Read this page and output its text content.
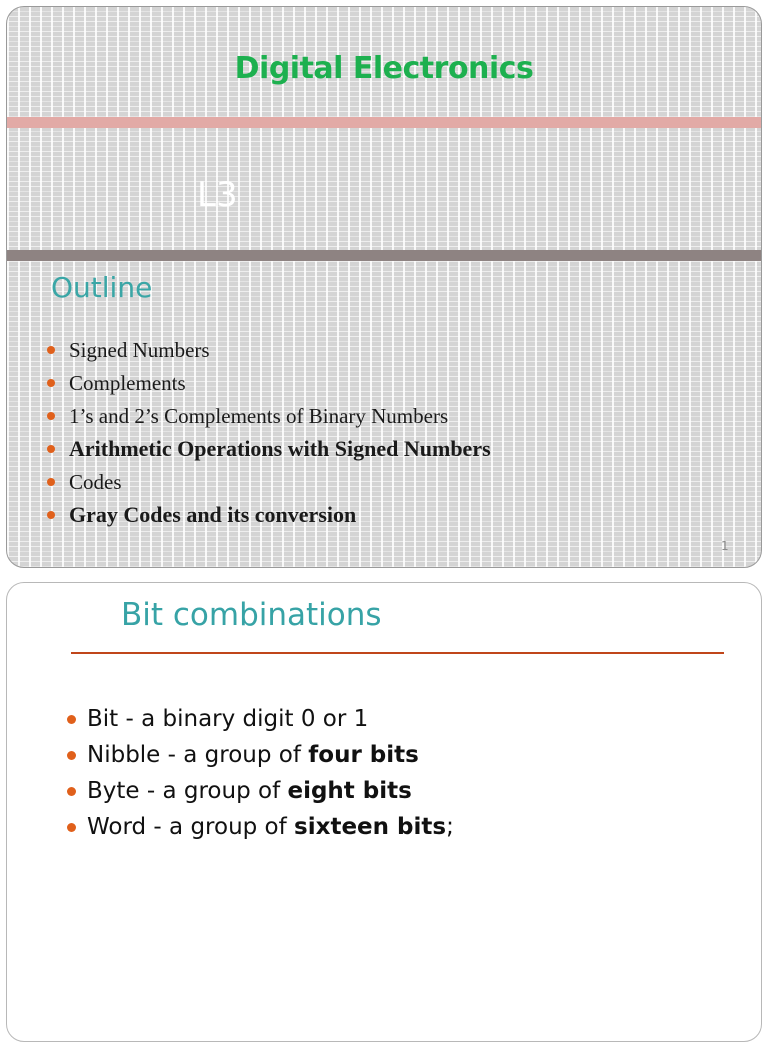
Digital Electronics
L3
Outline
Signed Numbers
Complements
1’s and 2’s Complements of Binary Numbers
Arithmetic Operations with Signed Numbers
Codes
Gray Codes and its conversion
1
Bit combinations
Bit - a binary digit 0 or 1
Nibble - a group of four bits
Byte - a group of eight bits
Word - a group of sixteen bits ;
